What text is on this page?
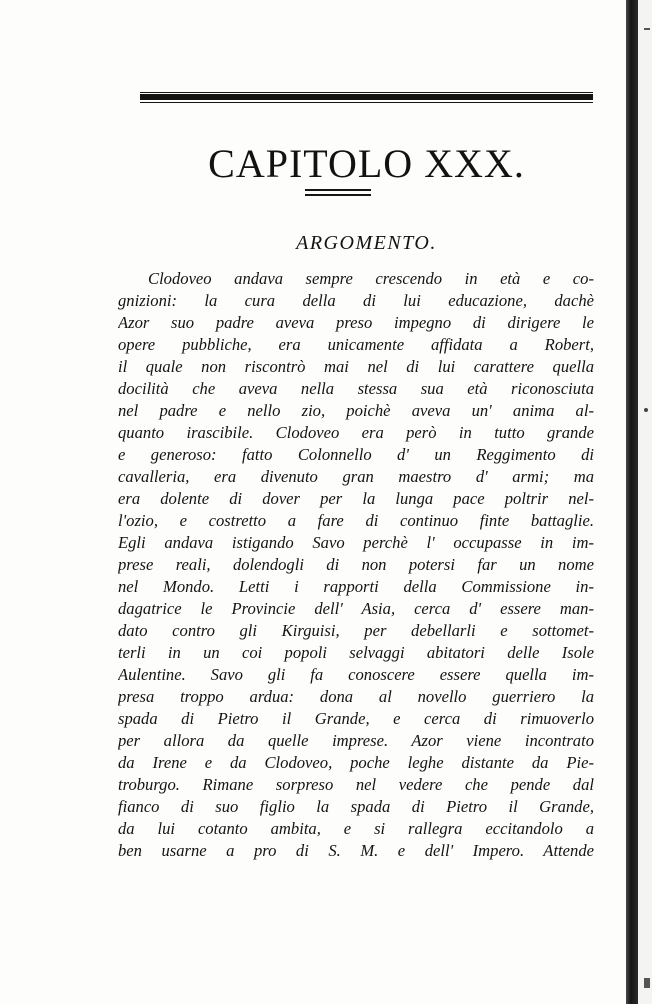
CAPITOLO XXX.
ARGOMENTO.
Clodoveo andava sempre crescendo in età e co-
gnizioni: la cura della di lui educazione, dachè
Azor suo padre aveva preso impegno di dirigere le
opere pubbliche, era unicamente affidata a Robert,
il quale non riscontrò mai nel di lui carattere quella
docilità che aveva nella stessa sua età riconosciuta
nel padre e nello zio, poichè aveva un' anima al-
quanto irascibile. Clodoveo era però in tutto grande
e generoso: fatto Colonnello d' un Reggimento di
cavalleria, era divenuto gran maestro d' armi; ma
era dolente di dover per la lunga pace poltrir nel-
l'ozio, e costretto a fare di continuo finte battaglie.
Egli andava istigando Savo perchè l' occupasse in im-
prese reali, dolendogli di non potersi far un nome
nel Mondo. Letti i rapporti della Commissione in-
dagatrice le Provincie dell' Asia, cerca d' essere man-
dato contro gli Kirguisi, per debellarli e sottomet-
terli in un coi popoli selvaggi abitatori delle Isole
Aulentine. Savo gli fa conoscere essere quella im-
presa troppo ardua: dona al novello guerriero la
spada di Pietro il Grande, e cerca di rimuoverlo
per allora da quelle imprese. Azor viene incontrato
da Irene e da Clodoveo, poche leghe distante da Pie-
troburgo. Rimane sorpreso nel vedere che pende dal
fianco di suo figlio la spada di Pietro il Grande,
da lui cotanto ambita, e si rallegra eccitandolo a
ben usarne a pro di S. M. e dell' Impero. Attende
